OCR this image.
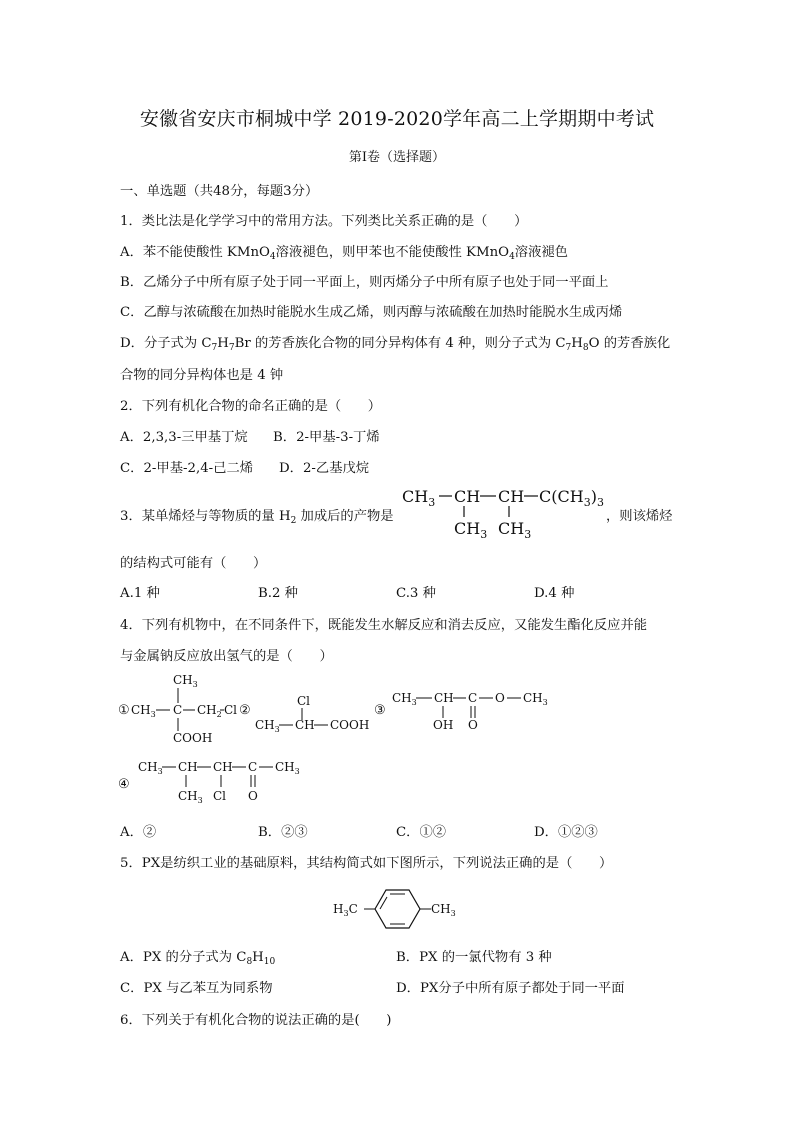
安徽省安庆市桐城中学 2019-2020学年高二上学期期中考试
第Ⅰ卷（选择题）
一、单选题（共48分，每题3分）
1．类比法是化学学习中的常用方法。下列类比关系正确的是（　　）
A．苯不能使酸性 KMnO$_4$溶液褪色，则甲苯也不能使酸性 KMnO$_4$溶液褪色
B．乙烯分子中所有原子处于同一平面上，则丙烯分子中所有原子也处于同一平面上
C．乙醇与浓硫酸在加热时能脱水生成乙烯，则丙醇与浓硫酸在加热时能脱水生成丙烯
D．分子式为 $C_7H_7Br$ 的芳香族化合物的同分异构体有 4 种，则分子式为 $C_7H_8O$ 的芳香族化
合物的同分异构体也是 4 钟
2．下列有机化合物的命名正确的是（　　）
A．2,3,3-三甲基丁烷 B．2-甲基-3-丁烯
C．2-甲基-2,4-己二烯 D．2-乙基戊烷
3．某单烯烃与等物质的量 $H_2$ 加成后的产物是
$CH_3$ CH CH $C(CH_3)_3$
$CH_3$ $CH_3$
，则该烯烃
的结构式可能有（　　）
A.1 种	B.2 种	C.3 种	D.4 种
4．下列有机物中，在不同条件下，既能发生水解反应和消去反应，又能发生酯化反应并能
与金属钠反应放出氢气的是（　　）
①
$CH_3$
$CH_3$ C $CH_2$ Cl
COOH
②
Cl
$CH_3$ CH COOH
③
$CH_3$ CH C O $CH_3$
OH O
④
$CH_3$ CH CH C $CH_3$
$CH_3$ Cl O
A．②	B．②③	C．①②	D．①②③
5．PX是纺织工业的基础原料，其结构简式如下图所示，下列说法正确的是（　　）
$H_3C$	$CH_3$
A．PX 的分子式为 $C_8H_{10}$	B．PX 的一氯代物有 3 种
C．PX 与乙苯互为同系物	D．PX分子中所有原子都处于同一平面
6．下列关于有机化合物的说法正确的是(　　)
